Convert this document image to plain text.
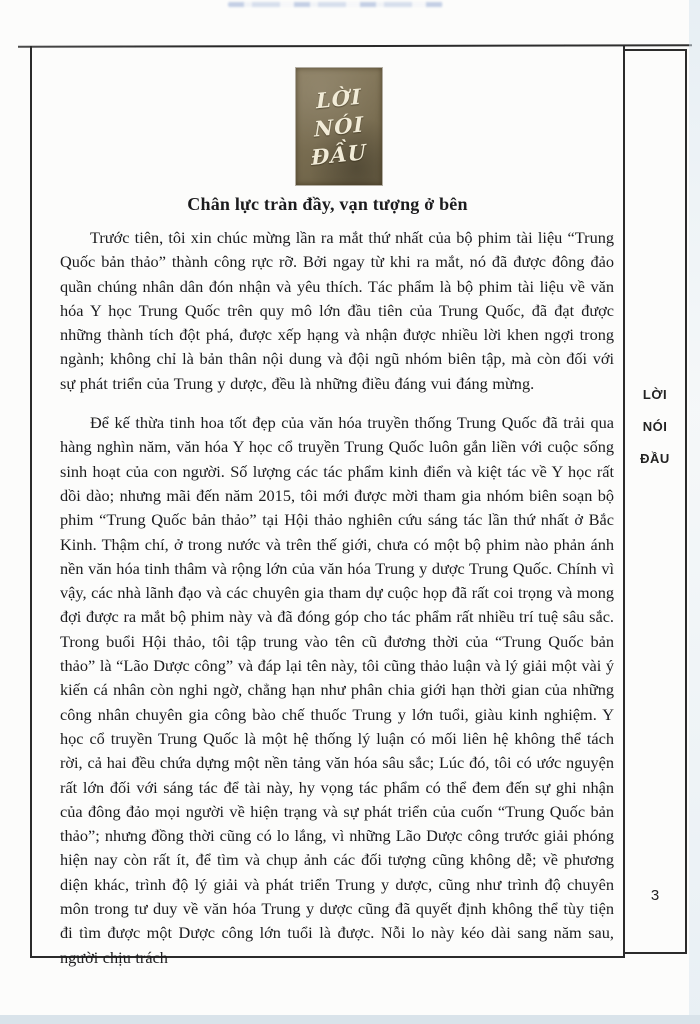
LỜI
NÓI
ĐẦU
Chân lực tràn đầy, vạn tượng ở bên

Trước tiên, tôi xin chúc mừng lần ra mắt thứ nhất của bộ phim tài liệu “Trung Quốc bản thảo” thành công rực rỡ. Bởi ngay từ khi ra mắt, nó đã được đông đảo quần chúng nhân dân đón nhận và yêu thích. Tác phẩm là bộ phim tài liệu về văn hóa Y học Trung Quốc trên quy mô lớn đầu tiên của Trung Quốc, đã đạt được những thành tích đột phá, được xếp hạng và nhận được nhiều lời khen ngợi trong ngành; không chỉ là bản thân nội dung và đội ngũ nhóm biên tập, mà còn đối với sự phát triển của Trung y dược, đều là những điều đáng vui đáng mừng.

Để kế thừa tinh hoa tốt đẹp của văn hóa truyền thống Trung Quốc đã trải qua hàng nghìn năm, văn hóa Y học cổ truyền Trung Quốc luôn gắn liền với cuộc sống sinh hoạt của con người. Số lượng các tác phẩm kinh điển và kiệt tác về Y học rất dồi dào; nhưng mãi đến năm 2015, tôi mới được mời tham gia nhóm biên soạn bộ phim “Trung Quốc bản thảo” tại Hội thảo nghiên cứu sáng tác lần thứ nhất ở Bắc Kinh. Thậm chí, ở trong nước và trên thế giới, chưa có một bộ phim nào phản ánh nền văn hóa tinh thâm và rộng lớn của văn hóa Trung y dược Trung Quốc. Chính vì vậy, các nhà lãnh đạo và các chuyên gia tham dự cuộc họp đã rất coi trọng và mong đợi được ra mắt bộ phim này và đã đóng góp cho tác phẩm rất nhiều trí tuệ sâu sắc. Trong buổi Hội thảo, tôi tập trung vào tên cũ đương thời của “Trung Quốc bản thảo” là “Lão Dược công” và đáp lại tên này, tôi cũng thảo luận và lý giải một vài ý kiến cá nhân còn nghi ngờ, chẳng hạn như phân chia giới hạn thời gian của những công nhân chuyên gia công bào chế thuốc Trung y lớn tuổi, giàu kinh nghiệm. Y học cổ truyền Trung Quốc là một hệ thống lý luận có mối liên hệ không thể tách rời, cả hai đều chứa dựng một nền tảng văn hóa sâu sắc; Lúc đó, tôi có ước nguyện rất lớn đối với sáng tác để tài này, hy vọng tác phẩm có thể đem đến sự ghi nhận của đông đảo mọi người về hiện trạng và sự phát triển của cuốn “Trung Quốc bản thảo”; nhưng đồng thời cũng có lo lắng, vì những Lão Dược công trước giải phóng hiện nay còn rất ít, để tìm và chụp ảnh các đối tượng cũng không dễ; về phương diện khác, trình độ lý giải và phát triển Trung y dược, cũng như trình độ chuyên môn trong tư duy về văn hóa Trung y dược cũng đã quyết định không thể tùy tiện đi tìm được một Dược công lớn tuổi là được. Nỗi lo này kéo dài sang năm sau, người chịu trách

LỜI
NÓI
ĐẦU
3
